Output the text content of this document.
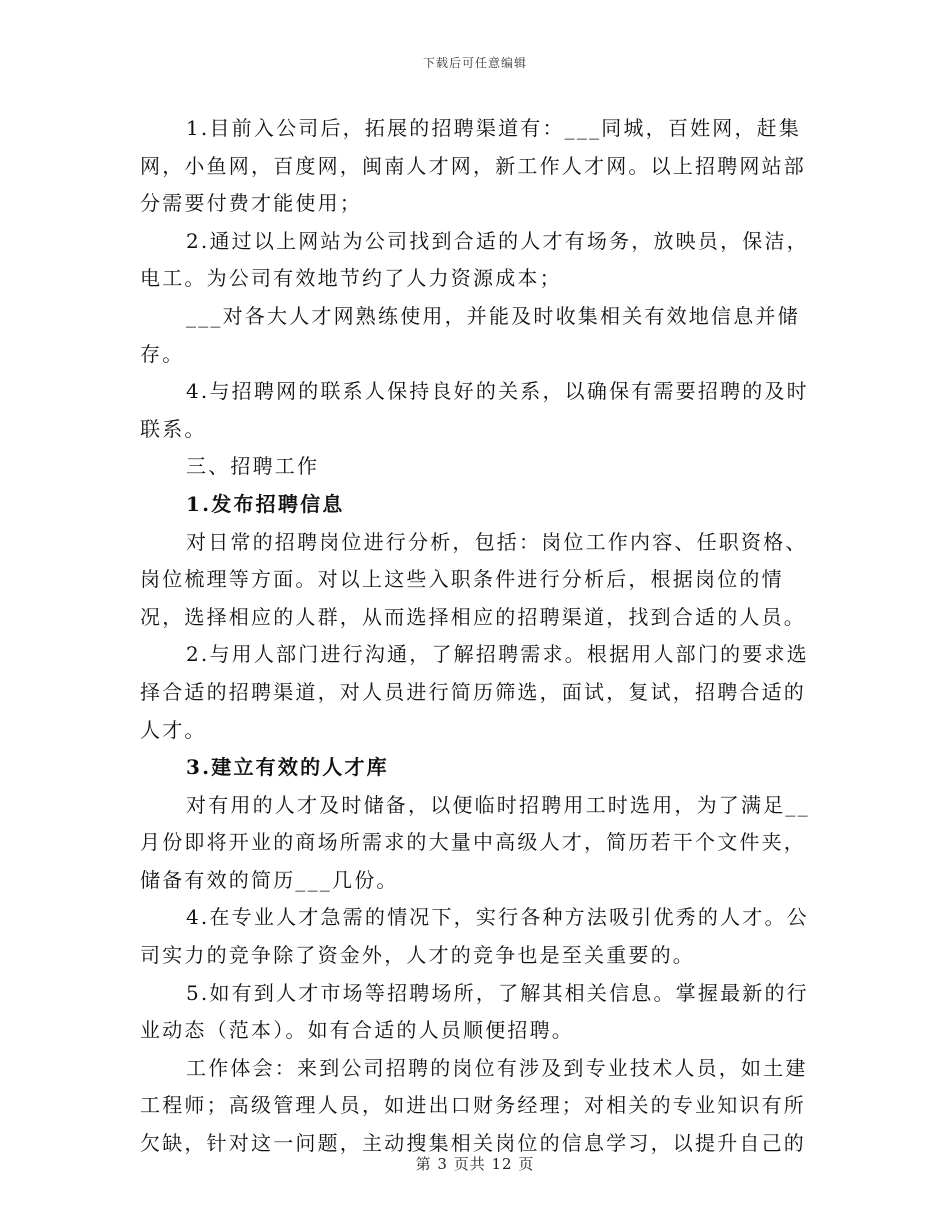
下载后可任意编辑

1.目前入公司后，拓展的招聘渠道有：___同城，百姓网，赶集网，小鱼网，百度网，闽南人才网，新工作人才网。以上招聘网站部分需要付费才能使用；

2.通过以上网站为公司找到合适的人才有场务，放映员，保洁，电工。为公司有效地节约了人力资源成本；

___对各大人才网熟练使用，并能及时收集相关有效地信息并储存。

4.与招聘网的联系人保持良好的关系，以确保有需要招聘的及时联系。

三、招聘工作

1.发布招聘信息

对日常的招聘岗位进行分析，包括：岗位工作内容、任职资格、岗位梳理等方面。对以上这些入职条件进行分析后，根据岗位的情况，选择相应的人群，从而选择相应的招聘渠道，找到合适的人员。

2.与用人部门进行沟通，了解招聘需求。根据用人部门的要求选择合适的招聘渠道，对人员进行简历筛选，面试，复试，招聘合适的人才。

3.建立有效的人才库

对有用的人才及时储备，以便临时招聘用工时选用，为了满足__月份即将开业的商场所需求的大量中高级人才，简历若干个文件夹，储备有效的简历___几份。

4.在专业人才急需的情况下，实行各种方法吸引优秀的人才。公司实力的竞争除了资金外，人才的竞争也是至关重要的。

5.如有到人才市场等招聘场所，了解其相关信息。掌握最新的行业动态（范本）。如有合适的人员顺便招聘。

工作体会：来到公司招聘的岗位有涉及到专业技术人员，如土建工程师；高级管理人员，如进出口财务经理；对相关的专业知识有所欠缺，针对这一问题，主动搜集相关岗位的信息学习，以提升自己的

第 3 页共 12 页
